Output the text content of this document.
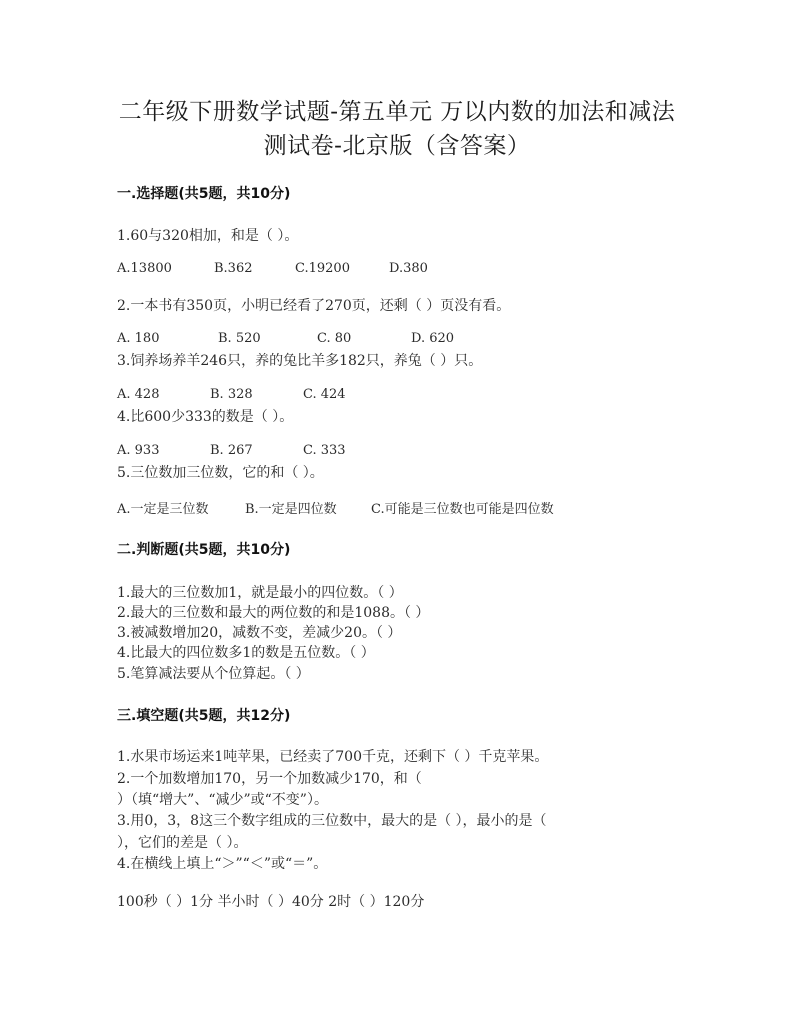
二年级下册数学试题-第五单元 万以内数的加法和减法
测试卷-北京版（含答案）
一.选择题(共5题，共10分)
1.60与320相加，和是（ ）。
A.13800	B.362	C.19200	D.380
2.一本书有350页，小明已经看了270页，还剩（ ）页没有看。
A. 180	B. 520	C. 80	D. 620
3.饲养场养羊246只，养的兔比羊多182只，养兔（ ）只。
A. 428	B. 328	C. 424
4.比600少333的数是（ ）。
A. 933	B. 267	C. 333
5.三位数加三位数，它的和（ ）。
A.一定是三位数	B.一定是四位数	C.可能是三位数也可能是四位数
二.判断题(共5题，共10分)
1.最大的三位数加1，就是最小的四位数。（ ）
2.最大的三位数和最大的两位数的和是1088。（ ）
3.被减数增加20，减数不变，差减少20。（ ）
4.比最大的四位数多1的数是五位数。（ ）
5.笔算减法要从个位算起。（ ）
三.填空题(共5题，共12分)
1.水果市场运来1吨苹果，已经卖了700千克，还剩下（ ）千克苹果。
2.一个加数增加170，另一个加数减少170，和（
）（填“增大”、“减少”或“不变”）。
3.用0，3，8这三个数字组成的三位数中，最大的是（ ），最小的是（
），它们的差是（ ）。
4.在横线上填上“＞”“＜”或“＝”。
100秒（ ）1分 半小时（ ）40分 2时（ ）120分
